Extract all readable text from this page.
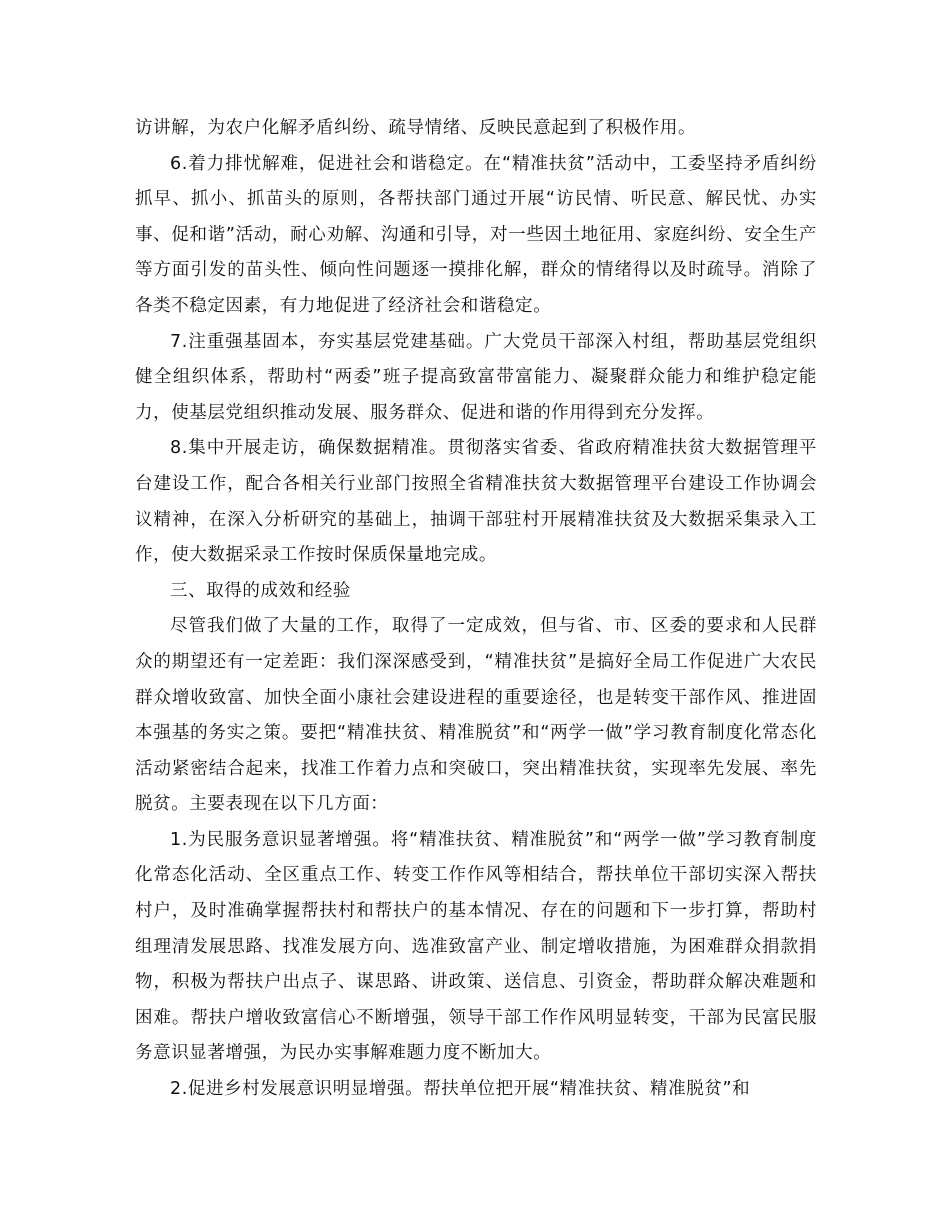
访讲解，为农户化解矛盾纠纷、疏导情绪、反映民意起到了积极作用。

6.着力排忧解难，促进社会和谐稳定。在“精准扶贫”活动中，工委坚持矛盾纠纷抓早、抓小、抓苗头的原则，各帮扶部门通过开展“访民情、听民意、解民忧、办实事、促和谐”活动，耐心劝解、沟通和引导，对一些因土地征用、家庭纠纷、安全生产等方面引发的苗头性、倾向性问题逐一摸排化解，群众的情绪得以及时疏导。消除了各类不稳定因素，有力地促进了经济社会和谐稳定。

7.注重强基固本，夯实基层党建基础。广大党员干部深入村组，帮助基层党组织健全组织体系，帮助村“两委”班子提高致富带富能力、凝聚群众能力和维护稳定能力，使基层党组织推动发展、服务群众、促进和谐的作用得到充分发挥。

8.集中开展走访，确保数据精准。贯彻落实省委、省政府精准扶贫大数据管理平台建设工作，配合各相关行业部门按照全省精准扶贫大数据管理平台建设工作协调会议精神，在深入分析研究的基础上，抽调干部驻村开展精准扶贫及大数据采集录入工作，使大数据采录工作按时保质保量地完成。

三、取得的成效和经验

尽管我们做了大量的工作，取得了一定成效，但与省、市、区委的要求和人民群众的期望还有一定差距：我们深深感受到，“精准扶贫”是搞好全局工作促进广大农民群众增收致富、加快全面小康社会建设进程的重要途径，也是转变干部作风、推进固本强基的务实之策。要把“精准扶贫、精准脱贫”和“两学一做”学习教育制度化常态化活动紧密结合起来，找准工作着力点和突破口，突出精准扶贫，实现率先发展、率先脱贫。主要表现在以下几方面：

1.为民服务意识显著增强。将“精准扶贫、精准脱贫”和“两学一做”学习教育制度化常态化活动、全区重点工作、转变工作作风等相结合，帮扶单位干部切实深入帮扶村户，及时准确掌握帮扶村和帮扶户的基本情况、存在的问题和下一步打算，帮助村组理清发展思路、找准发展方向、选准致富产业、制定增收措施，为困难群众捐款捐物，积极为帮扶户出点子、谋思路、讲政策、送信息、引资金，帮助群众解决难题和困难。帮扶户增收致富信心不断增强，领导干部工作作风明显转变，干部为民富民服务意识显著增强，为民办实事解难题力度不断加大。

2.促进乡村发展意识明显增强。帮扶单位把开展“精准扶贫、精准脱贫”和
